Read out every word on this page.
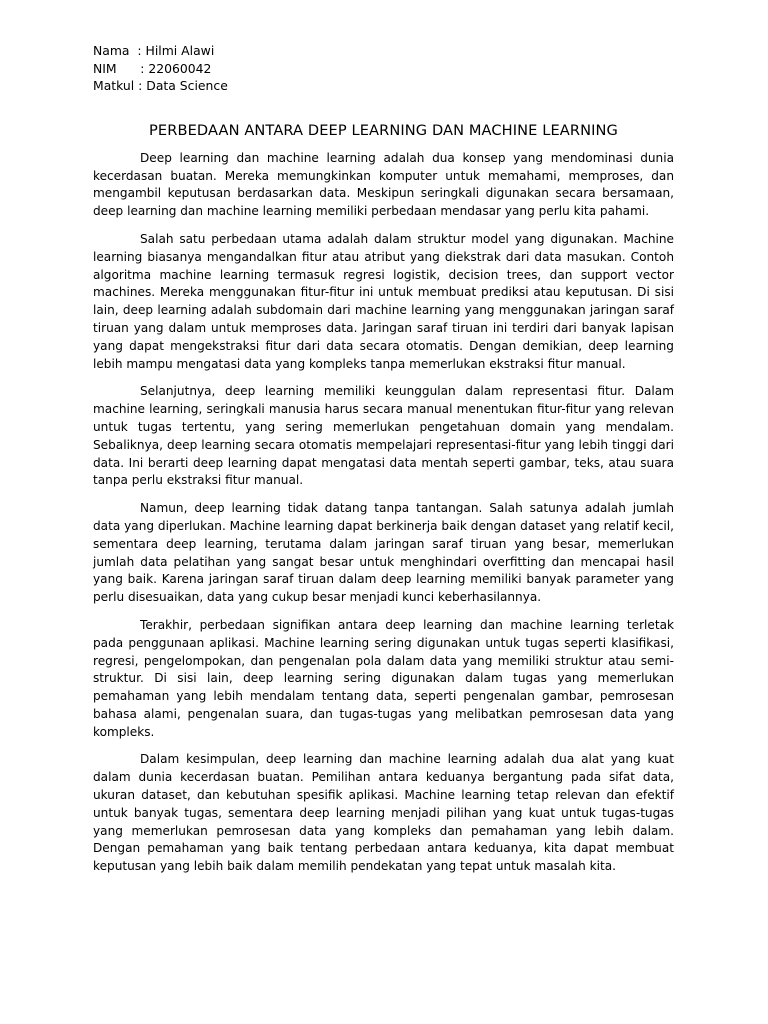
Nama  : Hilmi Alawi
NIM      : 22060042
Matkul : Data Science
PERBEDAAN ANTARA DEEP LEARNING DAN MACHINE LEARNING

Deep learning dan machine learning adalah dua konsep yang mendominasi dunia kecerdasan buatan. Mereka memungkinkan komputer untuk memahami, memproses, dan mengambil keputusan berdasarkan data. Meskipun seringkali digunakan secara bersamaan, deep learning dan machine learning memiliki perbedaan mendasar yang perlu kita pahami.

Salah satu perbedaan utama adalah dalam struktur model yang digunakan. Machine learning biasanya mengandalkan fitur atau atribut yang diekstrak dari data masukan. Contoh algoritma machine learning termasuk regresi logistik, decision trees, dan support vector machines. Mereka menggunakan fitur-fitur ini untuk membuat prediksi atau keputusan. Di sisi lain, deep learning adalah subdomain dari machine learning yang menggunakan jaringan saraf tiruan yang dalam untuk memproses data. Jaringan saraf tiruan ini terdiri dari banyak lapisan yang dapat mengekstraksi fitur dari data secara otomatis. Dengan demikian, deep learning lebih mampu mengatasi data yang kompleks tanpa memerlukan ekstraksi fitur manual.

Selanjutnya, deep learning memiliki keunggulan dalam representasi fitur. Dalam machine learning, seringkali manusia harus secara manual menentukan fitur-fitur yang relevan untuk tugas tertentu, yang sering memerlukan pengetahuan domain yang mendalam. Sebaliknya, deep learning secara otomatis mempelajari representasi-fitur yang lebih tinggi dari data. Ini berarti deep learning dapat mengatasi data mentah seperti gambar, teks, atau suara tanpa perlu ekstraksi fitur manual.

Namun, deep learning tidak datang tanpa tantangan. Salah satunya adalah jumlah data yang diperlukan. Machine learning dapat berkinerja baik dengan dataset yang relatif kecil, sementara deep learning, terutama dalam jaringan saraf tiruan yang besar, memerlukan jumlah data pelatihan yang sangat besar untuk menghindari overfitting dan mencapai hasil yang baik. Karena jaringan saraf tiruan dalam deep learning memiliki banyak parameter yang perlu disesuaikan, data yang cukup besar menjadi kunci keberhasilannya.

Terakhir, perbedaan signifikan antara deep learning dan machine learning terletak pada penggunaan aplikasi. Machine learning sering digunakan untuk tugas seperti klasifikasi, regresi, pengelompokan, dan pengenalan pola dalam data yang memiliki struktur atau semi-struktur. Di sisi lain, deep learning sering digunakan dalam tugas yang memerlukan pemahaman yang lebih mendalam tentang data, seperti pengenalan gambar, pemrosesan bahasa alami, pengenalan suara, dan tugas-tugas yang melibatkan pemrosesan data yang kompleks.

Dalam kesimpulan, deep learning dan machine learning adalah dua alat yang kuat dalam dunia kecerdasan buatan. Pemilihan antara keduanya bergantung pada sifat data, ukuran dataset, dan kebutuhan spesifik aplikasi. Machine learning tetap relevan dan efektif untuk banyak tugas, sementara deep learning menjadi pilihan yang kuat untuk tugas-tugas yang memerlukan pemrosesan data yang kompleks dan pemahaman yang lebih dalam. Dengan pemahaman yang baik tentang perbedaan antara keduanya, kita dapat membuat keputusan yang lebih baik dalam memilih pendekatan yang tepat untuk masalah kita.
